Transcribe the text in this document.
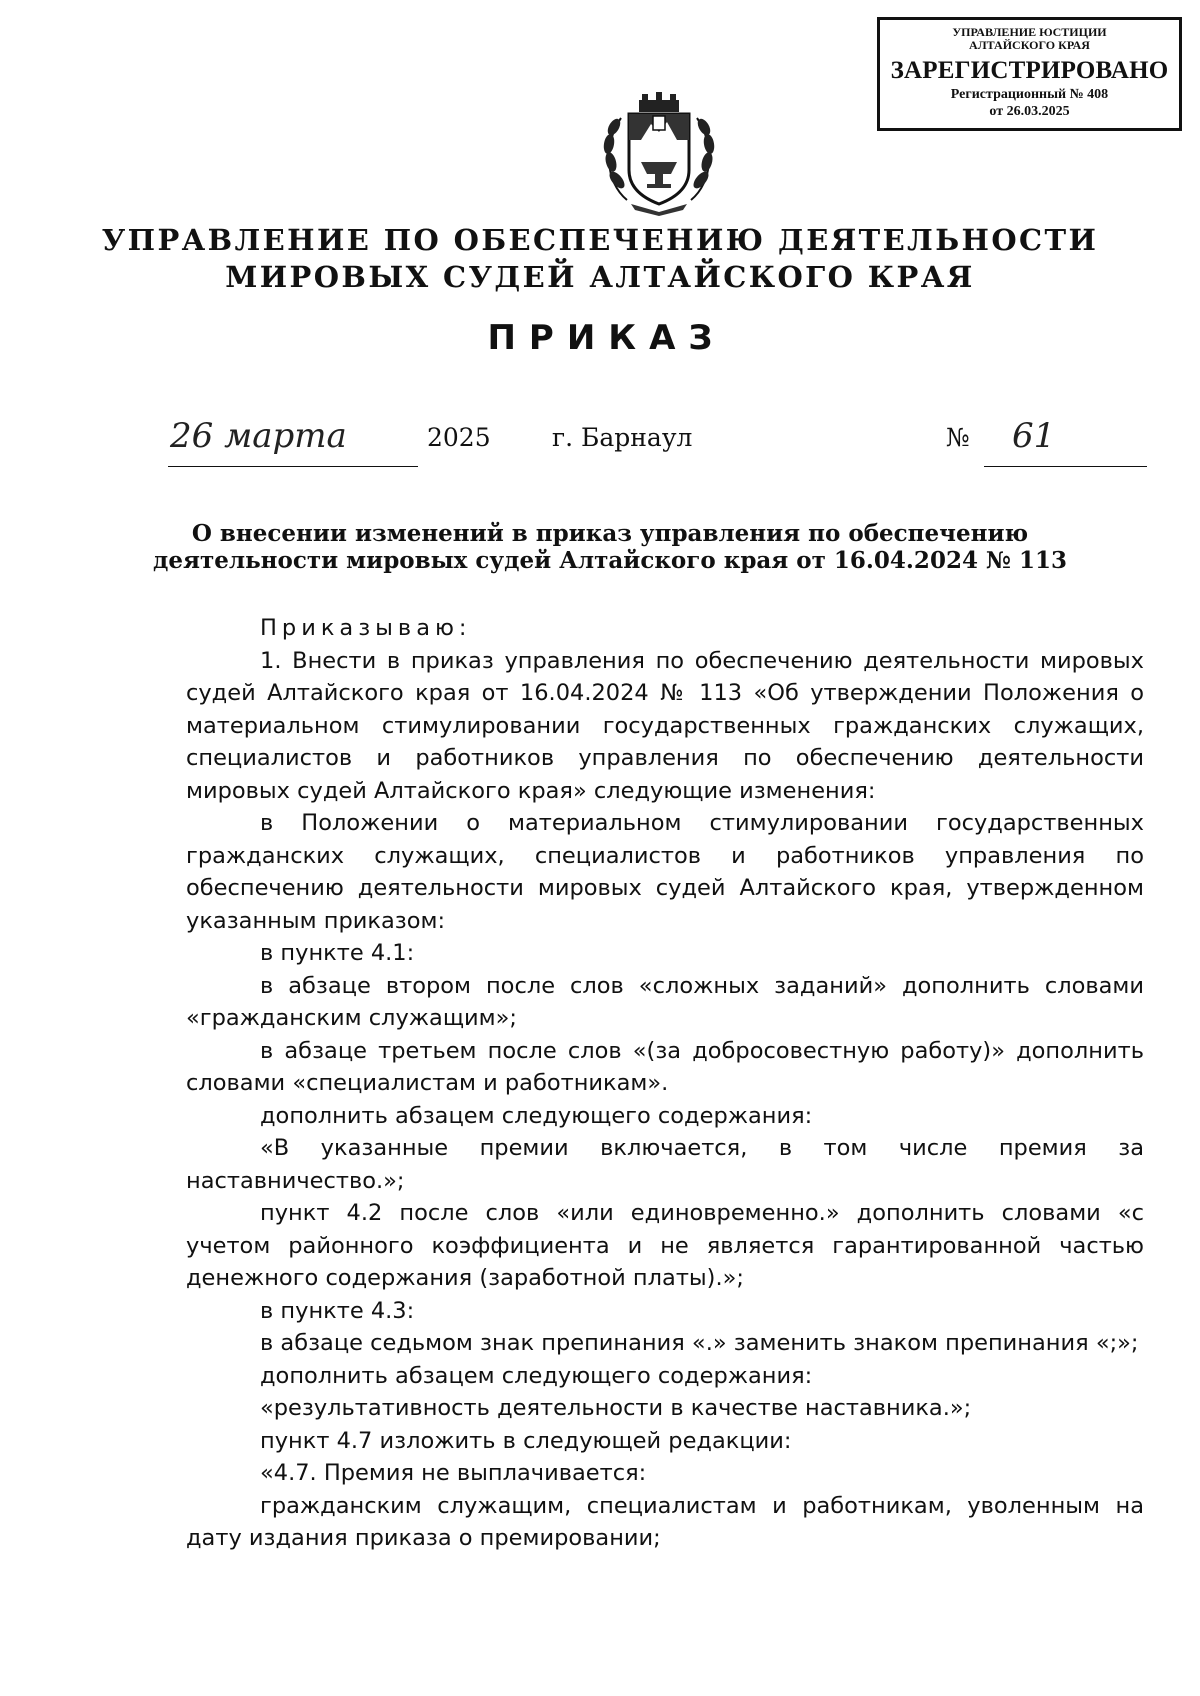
УПРАВЛЕНИЕ ЮСТИЦИИ
АЛТАЙСКОГО КРАЯ
ЗАРЕГИСТРИРОВАНО
Регистрационный № 408
от 26.03.2025
УПРАВЛЕНИЕ ПО ОБЕСПЕЧЕНИЮ ДЕЯТЕЛЬНОСТИ
МИРОВЫХ СУДЕЙ АЛТАЙСКОГО КРАЯ
ПРИКАЗ
26 марта	2025 г. Барнаул	№ 61
О внесении изменений в приказ управления по обеспечению
деятельности мировых судей Алтайского края от 16.04.2024 № 113

Приказываю:

1. Внести в приказ управления по обеспечению деятельности мировых судей Алтайского края от 16.04.2024 № 113 «Об утверждении Положения о материальном стимулировании государственных гражданских служащих, специалистов и работников управления по обеспечению деятельности мировых судей Алтайского края» следующие изменения:

в Положении о материальном стимулировании государственных гражданских служащих, специалистов и работников управления по обеспечению деятельности мировых судей Алтайского края, утвержденном указанным приказом:

в пункте 4.1:

в абзаце втором после слов «сложных заданий» дополнить словами «гражданским служащим»;

в абзаце третьем после слов «(за добросовестную работу)» дополнить словами «специалистам и работникам».

дополнить абзацем следующего содержания:

«В указанные премии включается, в том числе премия за наставничество.»;

пункт 4.2 после слов «или единовременно.» дополнить словами «с учетом районного коэффициента и не является гарантированной частью денежного содержания (заработной платы).»;

в пункте 4.3:

в абзаце седьмом знак препинания «.» заменить знаком препинания «;»;

дополнить абзацем следующего содержания:

«результативность деятельности в качестве наставника.»;

пункт 4.7 изложить в следующей редакции:

«4.7. Премия не выплачивается:

гражданским служащим, специалистам и работникам, уволенным на дату издания приказа о премировании;
